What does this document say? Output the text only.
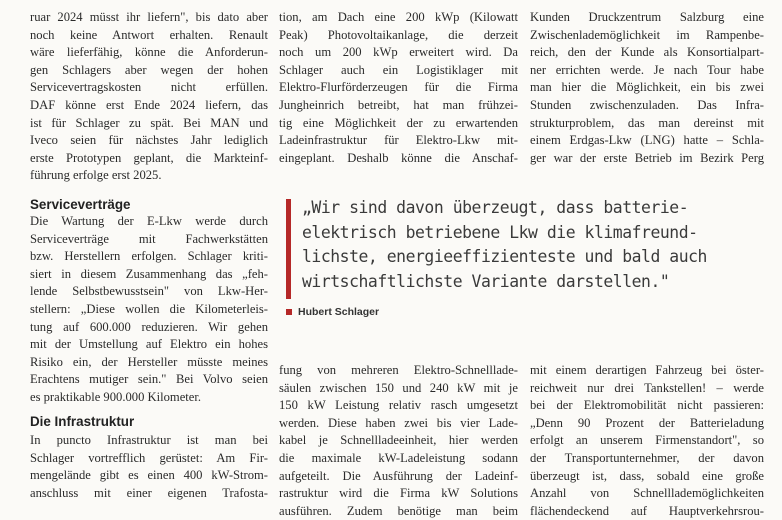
ruar 2024 müsst ihr liefern", bis dato aber
noch keine Antwort erhalten. Renault
wäre lieferfähig, könne die Anforderun-
gen Schlagers aber wegen der hohen
Servicevertragskosten nicht erfüllen.
DAF könne erst Ende 2024 liefern, das
ist für Schlager zu spät. Bei MAN und
Iveco seien für nächstes Jahr lediglich
erste Prototypen geplant, die Markteinf-
führung erfolge erst 2025.
Serviceverträge
Die Wartung der E-Lkw werde durch
Serviceverträge mit Fachwerkstätten
bzw. Herstellern erfolgen. Schlager kriti-
siert in diesem Zusammenhang das „feh-
lende Selbstbewusstsein" von Lkw-Her-
stellern: „Diese wollen die Kilometerleis-
tung auf 600.000 reduzieren. Wir gehen
mit der Umstellung auf Elektro ein hohes
Risiko ein, der Hersteller müsste meines
Erachtens mutiger sein." Bei Volvo seien
es praktikable 900.000 Kilometer.
Die Infrastruktur
In puncto Infrastruktur ist man bei
Schlager vortrefflich gerüstet: Am Fir-
mengelände gibt es einen 400 kW-Strom-
anschluss mit einer eigenen Trafosta-
tion, am Dach eine 200 kWp (Kilowatt
Peak) Photovoltaikanlage, die derzeit
noch um 200 kWp erweitert wird. Da
Schlager auch ein Logistiklager mit
Elektro-Flurförderzeugen für die Firma
Jungheinrich betreibt, hat man frühzei-
tig eine Möglichkeit der zu erwartenden
Ladeinfrastruktur für Elektro-Lkw mit-
eingeplant. Deshalb könne die Anschaf-
Kunden Druckzentrum Salzburg eine
Zwischenlademöglichkeit im Rampenbe-
reich, den der Kunde als Konsortialpart-
ner errichten werde. Je nach Tour habe
man hier die Möglichkeit, ein bis zwei
Stunden zwischenzuladen. Das Infra-
strukturproblem, das man dereinst mit
einem Erdgas-Lkw (LNG) hatte – Schla-
ger war der erste Betrieb im Bezirk Perg
„Wir sind davon überzeugt, dass batterie-
elektrisch betriebene Lkw die klimafreund-
lichste, energieeffizienteste und bald auch
wirtschaftlichste Variante darstellen."
Hubert Schlager
fung von mehreren Elektro-Schnelllade-
säulen zwischen 150 und 240 kW mit je
150 kW Leistung relativ rasch umgesetzt
werden. Diese haben zwei bis vier Lade-
kabel je Schnellladeeinheit, hier werden
die maximale kW-Ladeleistung sodann
aufgeteilt. Die Ausführung der Ladeinf-
rastruktur wird die Firma kW Solutions
ausführen. Zudem benötige man beim
mit einem derartigen Fahrzeug bei öster-
reichweit nur drei Tankstellen! – werde
bei der Elektromobilität nicht passieren:
„Denn 90 Prozent der Batterieladung
erfolgt an unserem Firmenstandort", so
der Transportunternehmer, der davon
überzeugt ist, dass, sobald eine große
Anzahl von Schnelllademöglichkeiten
flächendeckend auf Hauptverkehrsrou-
